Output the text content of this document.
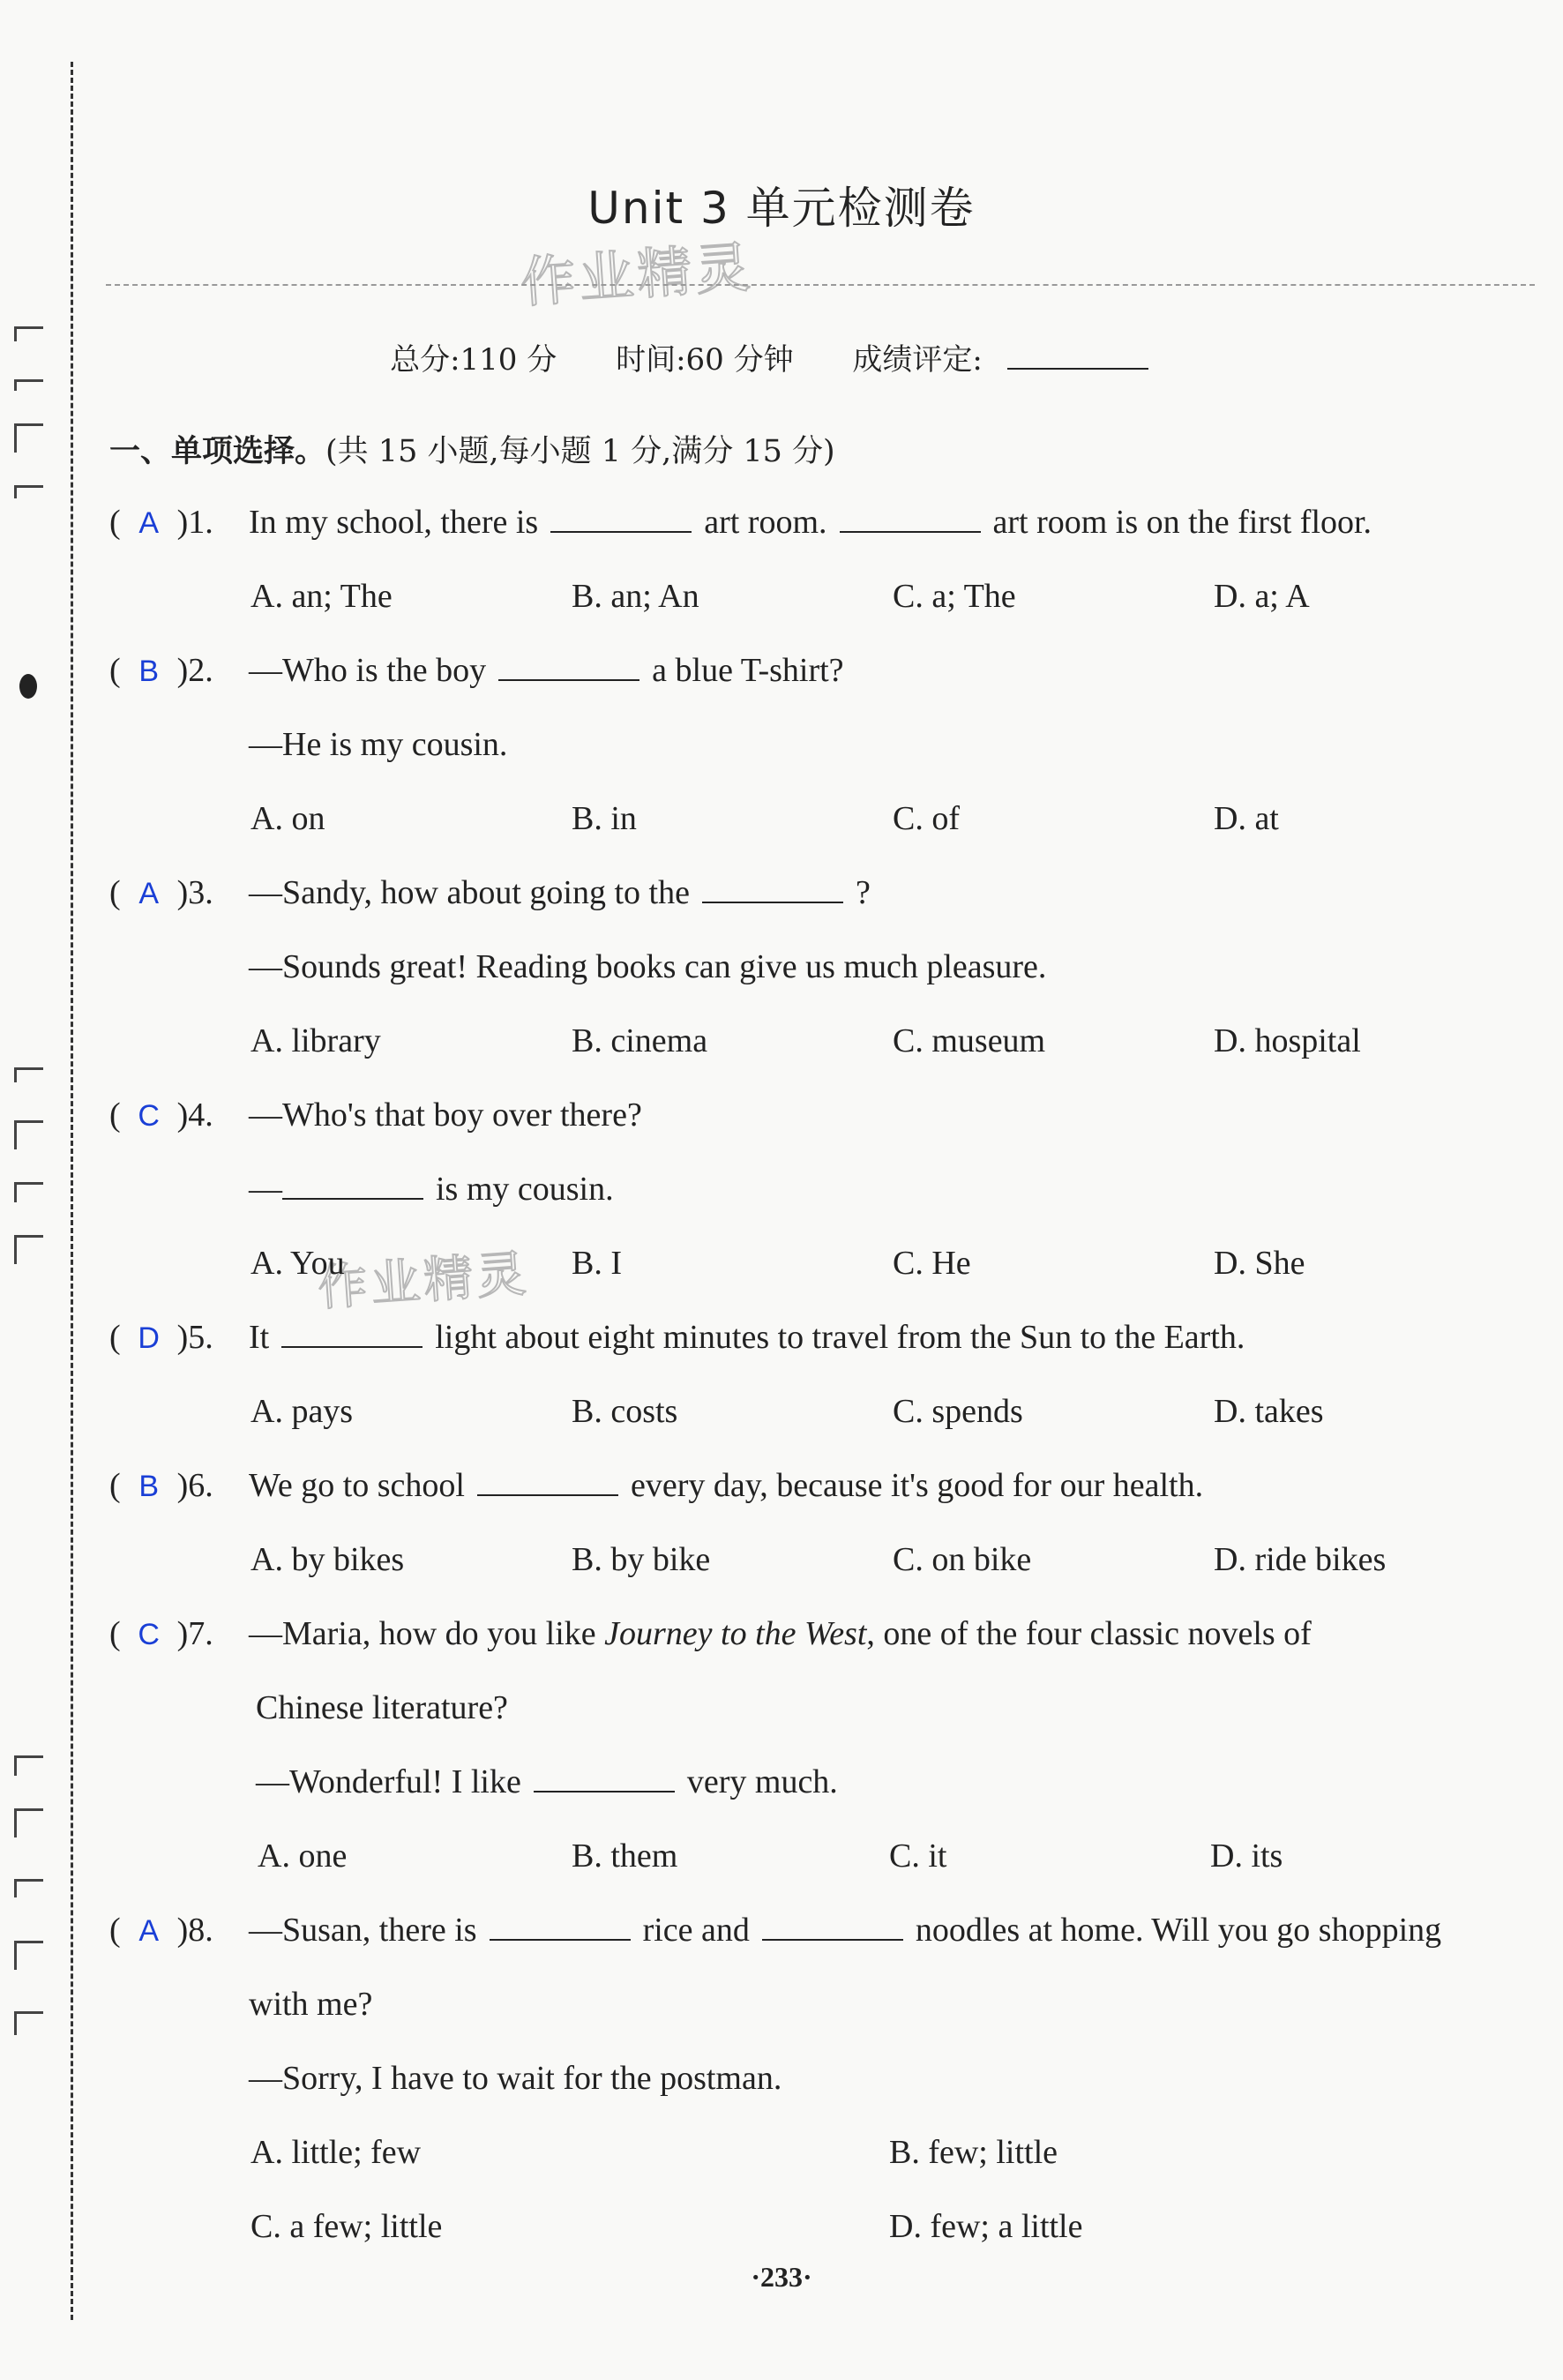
Unit 3 单元检测卷
作业精灵
总分:110 分 时间:60 分钟 成绩评定:
一、单项选择。(共 15 小题,每小题 1 分,满分 15 分)
( A )1. In my school, there is	art room.	art room is on the first floor.
A. an; The	B. an; An	C. a; The	D. a; A
( B )2. —Who is the boy	a blue T-shirt?
—He is my cousin.
A. on	B. in	C. of	D. at
( A )3. —Sandy, how about going to the	?
—Sounds great! Reading books can give us much pleasure.
A. library	B. cinema	C. museum	D. hospital
( C )4. —Who's that boy over there?
—	is my cousin.
作业精灵
A. You	B. I	C. He	D. She
( D )5. It	light about eight minutes to travel from the Sun to the Earth.
A. pays	B. costs	C. spends	D. takes
( B )6. We go to school	every day, because it's good for our health.
A. by bikes	B. by bike	C. on bike	D. ride bikes
( C )7. —Maria, how do you like Journey to the West, one of the four classic novels of
Chinese literature?
—Wonderful! I like	very much.
A. one	B. them	C. it	D. its
( A )8. —Susan, there is	rice and	noodles at home. Will you go shopping
with me?
—Sorry, I have to wait for the postman.
A. little; few	B. few; little
C. a few; little	D. few; a little
·233·
